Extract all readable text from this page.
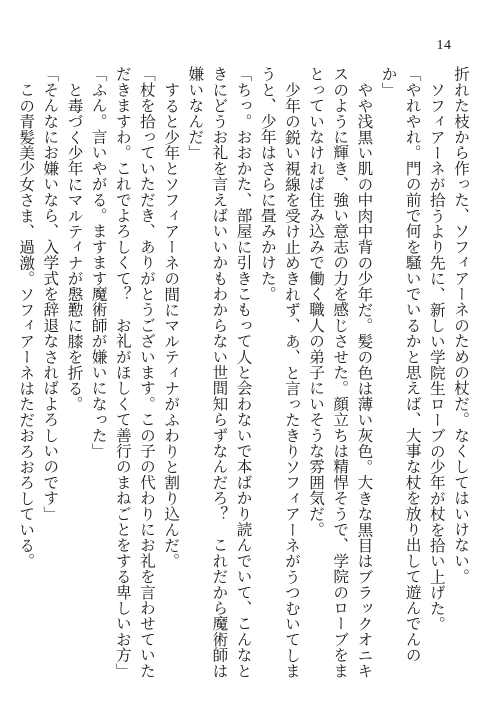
14

折れた枝から作った、ソフィアーネのための杖だ。なくしてはいけない。

ソフィアーネが拾うより先に、新しい学院生ローブの少年が杖を拾い上げた。

「やれやれ。門の前で何を騒いでいるかと思えば、大事な杖を放り出して遊んでんのか」

やや浅黒い肌の中肉中背の少年だ。髪の色は薄い灰色。大きな黒目はブラックオニキスのように輝き、強い意志の力を感じさせた。顔立ちは精悍そうで、学院のローブをまとっていなければ住み込みで働く職人の弟子にいそうな雰囲気だ。

少年の鋭い視線を受け止めきれず、あ、と言ったきりソフィアーネがうつむいてしまうと、少年はさらに畳みかけた。

「ちっ。おおかた、部屋に引きこもって人と会わないで本ばかり読んでいて、こんなときにどうお礼を言えばいいかもわからない世間知らずなんだろ？　これだから魔術師は嫌いなんだ」

すると少年とソフィアーネの間にマルティナがふわりと割り込んだ。

「杖を拾っていただき、ありがとうございます。この子の代わりにお礼を言わせていただきますわ。これでよろしくて？　お礼がほしくて善行のまねごとをする卑しいお方」

「ふん。言いやがる。ますます魔術師が嫌いになった」

と毒づく少年にマルティナが慇懃に膝を折る。

「そんなにお嫌いなら、入学式を辞退なさればよろしいのです」

この青髪美少女さま、過激。ソフィアーネはただおろおろしている。
